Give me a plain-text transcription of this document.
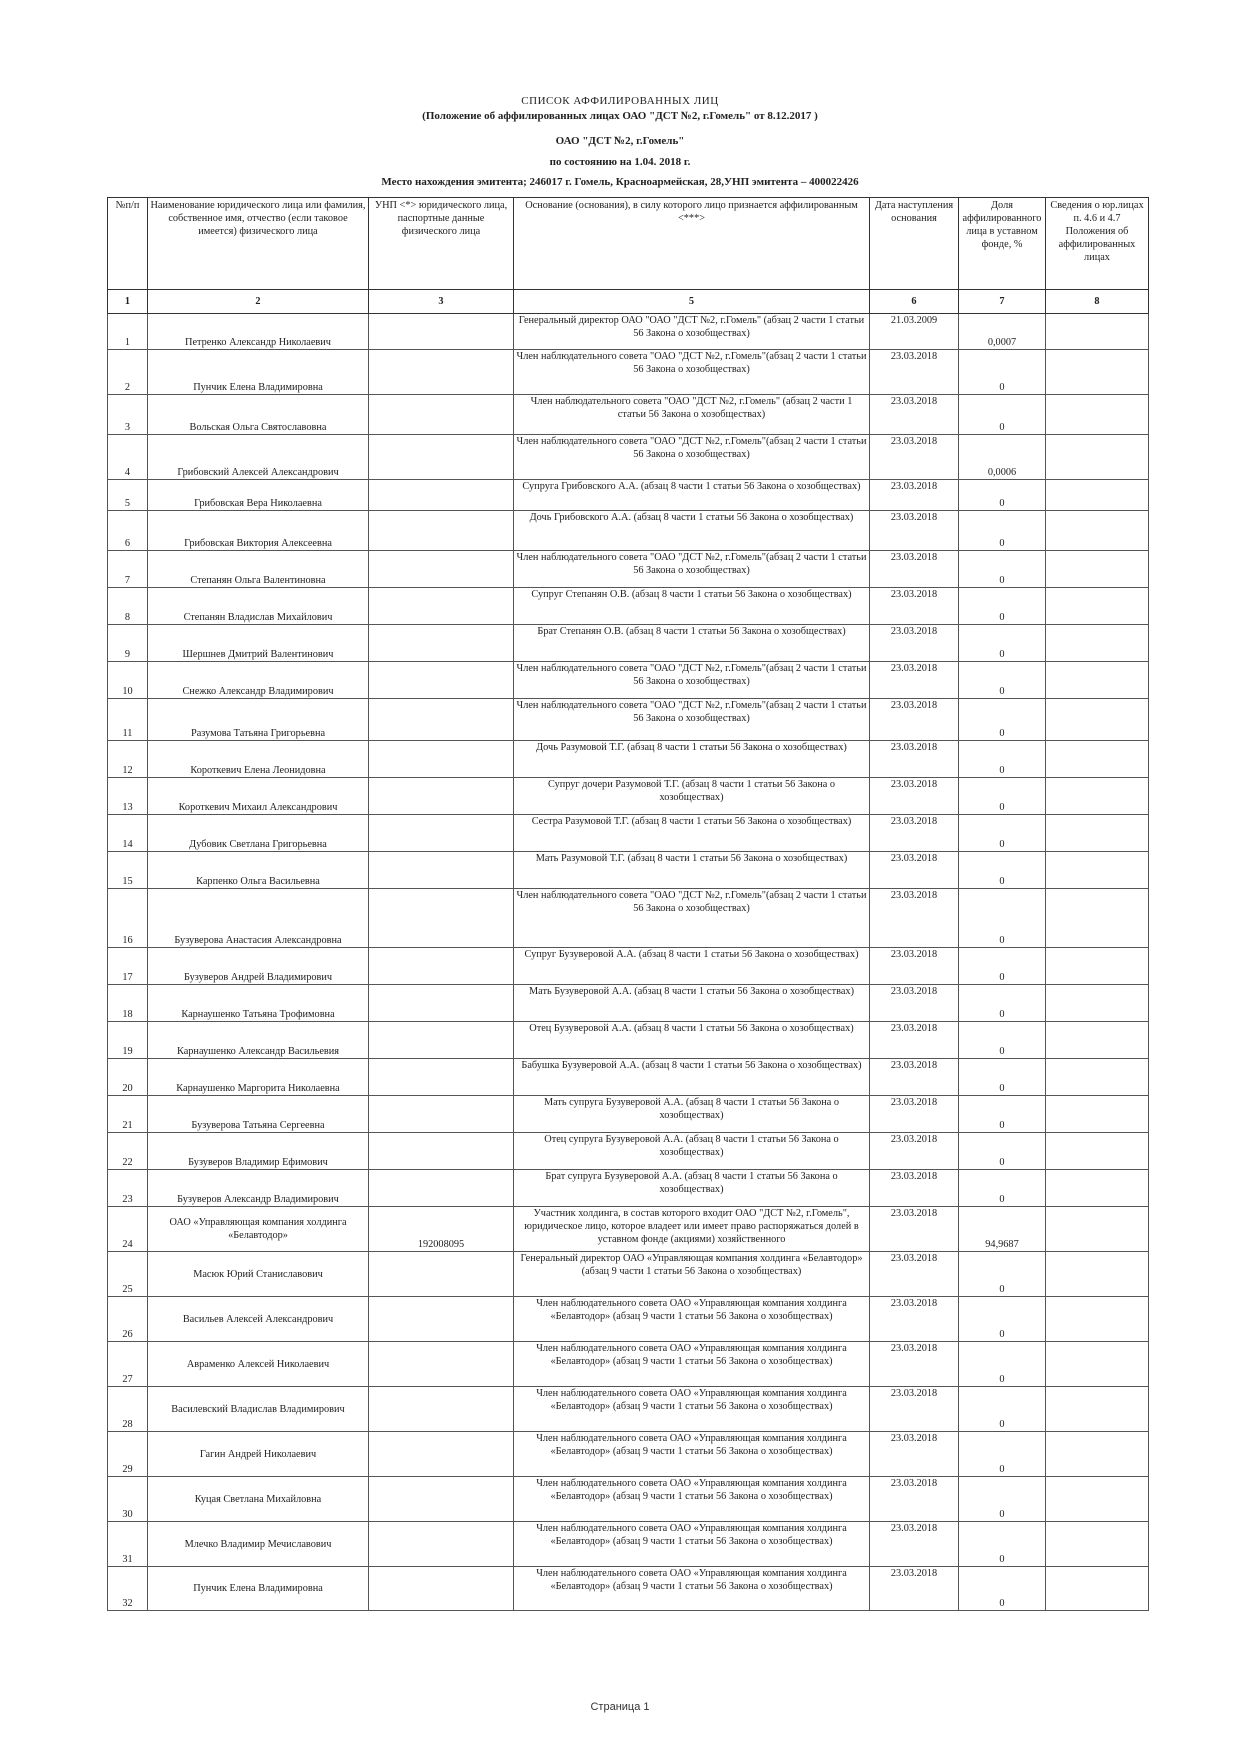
СПИСОК АФФИЛИРОВАННЫХ ЛИЦ
(Положение об аффилированных лицах ОАО "ДСТ №2, г.Гомель" от 8.12.2017 )
ОАО "ДСТ №2, г.Гомель"
по состоянию на 1.04. 2018 г.
Место нахождения эмитента; 246017 г. Гомель, Красноармейская, 28,УНП эмитента – 400022426
№п/п	Наименование юридического лица или фамилия, собственное имя, отчество (если таковое имеется) физического лица	УНП <*> юридического лица, паспортные данные физического лица	Основание (основания), в силу которого лицо признается аффилированным <***>	Дата наступления основания	Доля аффилированного лица в уставном фонде, %	Сведения о юр.лицах п. 4.6 и 4.7 Положения об аффилированных лицах
1	2	3	5	6	7	8
1	Петренко Александр Николаевич		Генеральный директор ОАО "ОАО "ДСТ №2, г.Гомель" (абзац 2 части 1 статьи 56 Закона о хозобществах)	21.03.2009	0,0007	
2	Пунчик Елена Владимировна		Член наблюдательного совета "ОАО "ДСТ №2, г.Гомель"(абзац 2 части 1 статьи 56 Закона о хозобществах)	23.03.2018	0	
3	Вольская Ольга Святославовна		Член наблюдательного совета "ОАО "ДСТ №2, г.Гомель" (абзац 2 части 1 статьи 56 Закона о хозобществах)	23.03.2018	0	
4	Грибовский Алексей Александрович		Член наблюдательного совета "ОАО "ДСТ №2, г.Гомель"(абзац 2 части 1 статьи 56 Закона о хозобществах)	23.03.2018	0,0006	
5	Грибовская Вера Николаевна		Супруга Грибовского А.А. (абзац 8 части 1 статьи 56 Закона о хозобществах)	23.03.2018	0	
6	Грибовская Виктория Алексеевна		Дочь Грибовского А.А. (абзац 8 части 1 статьи 56 Закона о хозобществах)	23.03.2018	0	
7	Степанян Ольга Валентиновна		Член наблюдательного совета "ОАО "ДСТ №2, г.Гомель"(абзац 2 части 1 статьи 56 Закона о хозобществах)	23.03.2018	0	
8	Степанян Владислав Михайлович		Супруг Степанян О.В. (абзац 8 части 1 статьи 56 Закона о хозобществах)	23.03.2018	0	
9	Шершнев Дмитрий Валентинович		Брат Степанян О.В. (абзац 8 части 1 статьи 56 Закона о хозобществах)	23.03.2018	0	
10	Снежко Александр Владимирович		Член наблюдательного совета "ОАО "ДСТ №2, г.Гомель"(абзац 2 части 1 статьи 56 Закона о хозобществах)	23.03.2018	0	
11	Разумова Татьяна Григорьевна		Член наблюдательного совета "ОАО "ДСТ №2, г.Гомель"(абзац 2 части 1 статьи 56 Закона о хозобществах)	23.03.2018	0	
12	Короткевич Елена Леонидовна		Дочь Разумовой Т.Г. (абзац 8 части 1 статьи 56 Закона о хозобществах)	23.03.2018	0	
13	Короткевич Михаил Александрович		Супруг дочери Разумовой Т.Г. (абзац 8 части 1 статьи 56 Закона о хозобществах)	23.03.2018	0	
14	Дубовик Светлана Григорьевна		Сестра Разумовой Т.Г. (абзац 8 части 1 статьи 56 Закона о хозобществах)	23.03.2018	0	
15	Карпенко Ольга Васильевна		Мать Разумовой Т.Г. (абзац 8 части 1 статьи 56 Закона о хозобществах)	23.03.2018	0	
16	Бузуверова Анастасия Александровна		Член наблюдательного совета "ОАО "ДСТ №2, г.Гомель"(абзац 2 части 1 статьи 56 Закона о хозобществах)	23.03.2018	0	
17	Бузуверов Андрей Владимирович		Супруг Бузуверовой А.А. (абзац 8 части 1 статьи 56 Закона о хозобществах)	23.03.2018	0	
18	Карнаушенко Татьяна Трофимовна		Мать Бузуверовой А.А. (абзац 8 части 1 статьи 56 Закона о хозобществах)	23.03.2018	0	
19	Карнаушенко Александр Васильевия		Отец Бузуверовой А.А. (абзац 8 части 1 статьи 56 Закона о хозобществах)	23.03.2018	0	
20	Карнаушенко Маргорита Николаевна		Бабушка Бузуверовой А.А. (абзац 8 части 1 статьи 56 Закона о хозобществах)	23.03.2018	0	
21	Бузуверова Татьяна Сергеевна		Мать супруга Бузуверовой А.А. (абзац 8 части 1 статьи 56 Закона о хозобществах)	23.03.2018	0	
22	Бузуверов Владимир Ефимович		Отец супруга Бузуверовой А.А. (абзац 8 части 1 статьи 56 Закона о хозобществах)	23.03.2018	0	
23	Бузуверов Александр Владимирович		Брат супруга Бузуверовой А.А. (абзац 8 части 1 статьи 56 Закона о хозобществах)	23.03.2018	0	
24	ОАО «Управляющая компания холдинга «Белавтодор»	192008095	Участник холдинга, в состав которого входит ОАО "ДСТ №2, г.Гомель", юридическое лицо, которое владеет или имеет право распоряжаться долей в уставном фонде (акциями) хозяйственного	23.03.2018	94,9687	
25	Масюк Юрий Станиславович		Генеральный директор ОАО «Управляющая компания холдинга «Белавтодор» (абзац 9 части 1 статьи 56 Закона о хозобществах)	23.03.2018	0	
26	Васильев Алексей Александрович		Член наблюдательного совета ОАО «Управляющая компания холдинга «Белавтодор» (абзац 9 части 1 статьи 56 Закона о хозобществах)	23.03.2018	0	
27	Авраменко Алексей Николаевич		Член наблюдательного совета ОАО «Управляющая компания холдинга «Белавтодор» (абзац 9 части 1 статьи 56 Закона о хозобществах)	23.03.2018	0	
28	Василевский Владислав Владимирович		Член наблюдательного совета ОАО «Управляющая компания холдинга «Белавтодор» (абзац 9 части 1 статьи 56 Закона о хозобществах)	23.03.2018	0	
29	Гагин Андрей Николаевич		Член наблюдательного совета ОАО «Управляющая компания холдинга «Белавтодор» (абзац 9 части 1 статьи 56 Закона о хозобществах)	23.03.2018	0	
30	Куцая Светлана Михайловна		Член наблюдательного совета ОАО «Управляющая компания холдинга «Белавтодор» (абзац 9 части 1 статьи 56 Закона о хозобществах)	23.03.2018	0	
31	Млечко Владимир Мечиславович		Член наблюдательного совета ОАО «Управляющая компания холдинга «Белавтодор» (абзац 9 части 1 статьи 56 Закона о хозобществах)	23.03.2018	0	
32	Пунчик Елена Владимировна		Член наблюдательного совета ОАО «Управляющая компания холдинга «Белавтодор» (абзац 9 части 1 статьи 56 Закона о хозобществах)	23.03.2018	0	
Страница 1
